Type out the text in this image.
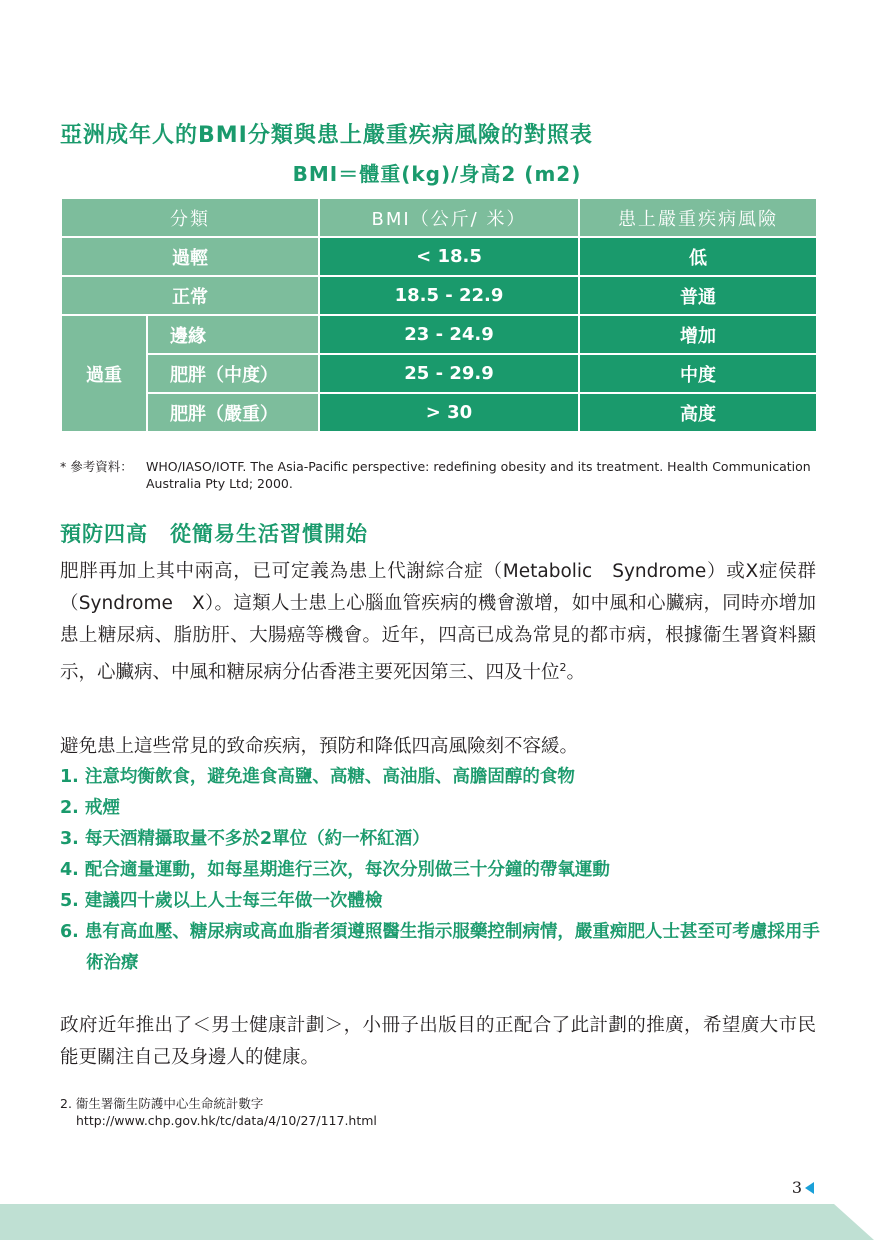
亞洲成年人的BMI分類與患上嚴重疾病風險的對照表
BMI＝體重(kg)/身高2 (m2)
分類		BMI（公斤/ 米）	患上嚴重疾病風險
過輕		< 18.5	低
正常		18.5 - 22.9	普通
過重	邊緣	23 - 24.9	增加
	肥胖（中度）	25 - 29.9	中度
	肥胖（嚴重）	> 30	高度
* 參考資料： WHO/IASO/IOTF. The Asia-Pacific perspective: redefining obesity and its treatment. Health Communication Australia Pty Ltd; 2000.
預防四高　從簡易生活習慣開始

肥胖再加上其中兩高，已可定義為患上代謝綜合症（Metabolic　Syndrome）或X症侯群（Syndrome　X）。這類人士患上心腦血管疾病的機會激增，如中風和心臟病，同時亦增加患上糖尿病、脂肪肝、大腸癌等機會。近年，四高已成為常見的都市病，根據衞生署資料顯示，心臟病、中風和糖尿病分佔香港主要死因第三、四及十位$^2$。

避免患上這些常見的致命疾病，預防和降低四高風險刻不容緩。

1. 注意均衡飲食，避免進食高鹽、高糖、高油脂、高膽固醇的食物
2. 戒煙
3. 每天酒精攝取量不多於2單位（約一杯紅酒）
4. 配合適量運動，如每星期進行三次，每次分別做三十分鐘的帶氧運動
5. 建議四十歲以上人士每三年做一次體檢
6. 患有高血壓、糖尿病或高血脂者須遵照醫生指示服藥控制病情，嚴重痴肥人士甚至可考慮採用手術治療

政府近年推出了＜男士健康計劃＞，小冊子出版目的正配合了此計劃的推廣，希望廣大市民能更關注自己及身邊人的健康。

2. 衞生署衞生防護中心生命統計數字
http://www.chp.gov.hk/tc/data/4/10/27/117.html
3
